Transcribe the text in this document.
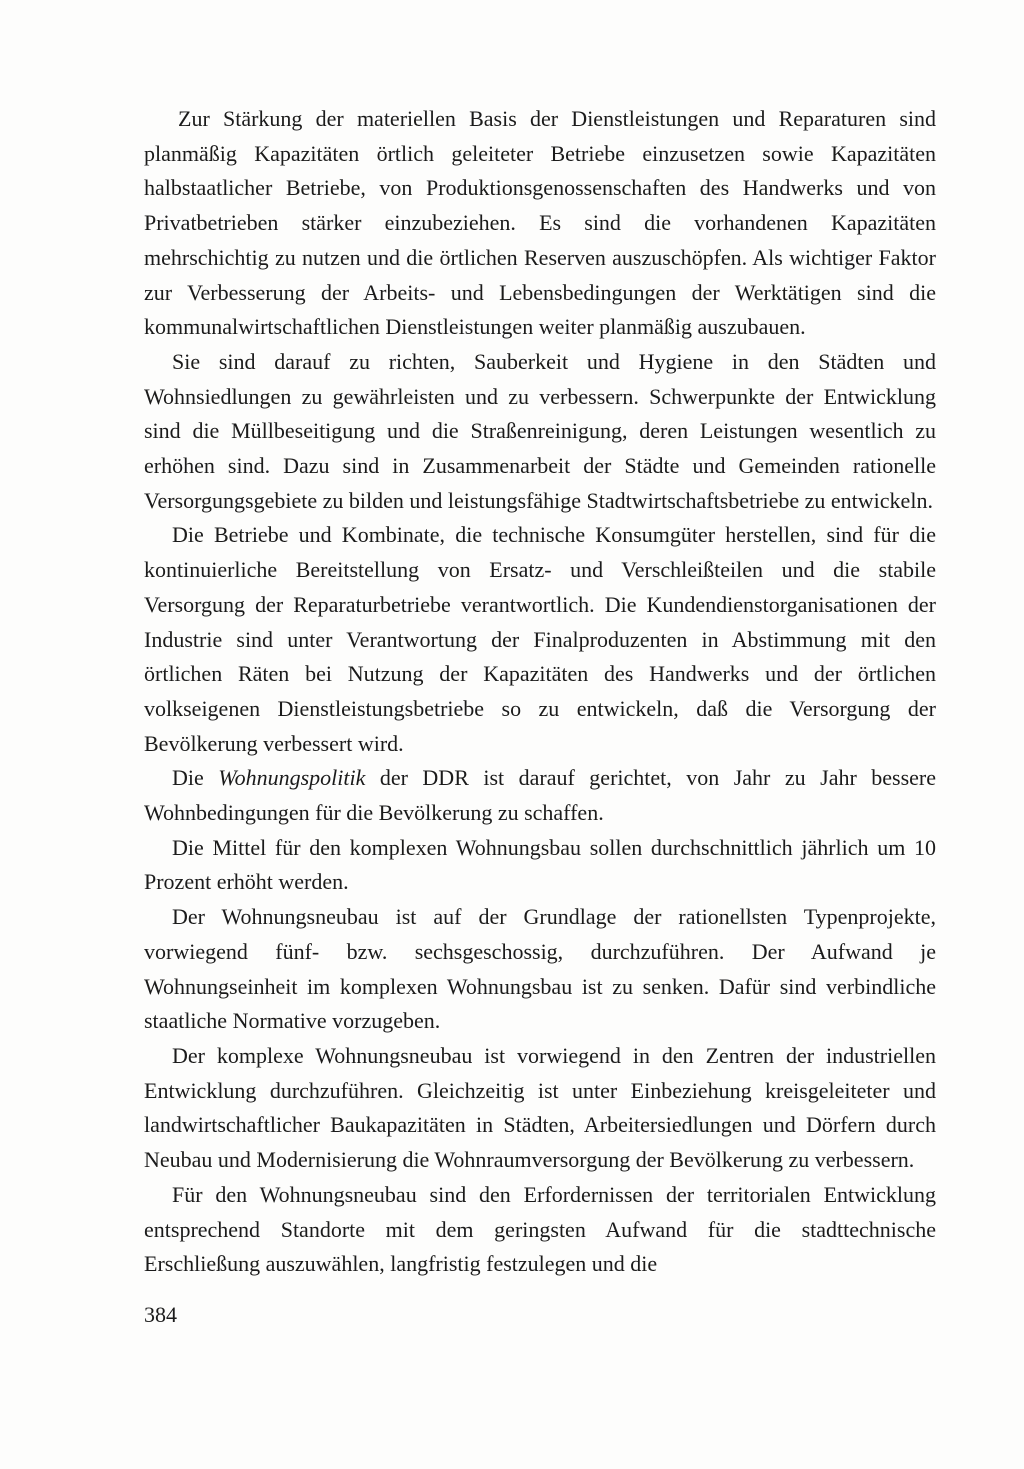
Zur Stärkung der materiellen Basis der Dienstleistungen und Reparaturen sind planmäßig Kapazitäten örtlich geleiteter Betriebe einzusetzen sowie Kapazitäten halbstaatlicher Betriebe, von Produktionsgenossenschaften des Handwerks und von Privatbetrieben stärker einzubeziehen. Es sind die vorhandenen Kapazitäten mehrschichtig zu nutzen und die örtlichen Reserven auszuschöpfen. Als wichtiger Faktor zur Verbesserung der Arbeits- und Lebensbedingungen der Werktätigen sind die kommunalwirtschaftlichen Dienstleistungen weiter planmäßig auszubauen.

Sie sind darauf zu richten, Sauberkeit und Hygiene in den Städten und Wohnsiedlungen zu gewährleisten und zu verbessern. Schwerpunkte der Entwicklung sind die Müllbeseitigung und die Straßenreinigung, deren Leistungen wesentlich zu erhöhen sind. Dazu sind in Zusammenarbeit der Städte und Gemeinden rationelle Versorgungsgebiete zu bilden und leistungsfähige Stadtwirtschaftsbetriebe zu entwickeln.

Die Betriebe und Kombinate, die technische Konsumgüter herstellen, sind für die kontinuierliche Bereitstellung von Ersatz- und Verschleißteilen und die stabile Versorgung der Reparaturbetriebe verantwortlich. Die Kundendienstorganisationen der Industrie sind unter Verantwortung der Finalproduzenten in Abstimmung mit den örtlichen Räten bei Nutzung der Kapazitäten des Handwerks und der örtlichen volkseigenen Dienstleistungsbetriebe so zu entwickeln, daß die Versorgung der Bevölkerung verbessert wird.

Die Wohnungspolitik der DDR ist darauf gerichtet, von Jahr zu Jahr bessere Wohnbedingungen für die Bevölkerung zu schaffen.

Die Mittel für den komplexen Wohnungsbau sollen durchschnittlich jährlich um 10 Prozent erhöht werden.

Der Wohnungsneubau ist auf der Grundlage der rationellsten Typenprojekte, vorwiegend fünf- bzw. sechsgeschossig, durchzuführen. Der Aufwand je Wohnungseinheit im komplexen Wohnungsbau ist zu senken. Dafür sind verbindliche staatliche Normative vorzugeben.

Der komplexe Wohnungsneubau ist vorwiegend in den Zentren der industriellen Entwicklung durchzuführen. Gleichzeitig ist unter Einbeziehung kreisgeleiteter und landwirtschaftlicher Baukapazitäten in Städten, Arbeitersiedlungen und Dörfern durch Neubau und Modernisierung die Wohnraumversorgung der Bevölkerung zu verbessern.

Für den Wohnungsneubau sind den Erfordernissen der territorialen Entwicklung entsprechend Standorte mit dem geringsten Aufwand für die stadttechnische Erschließung auszuwählen, langfristig festzulegen und die

384
